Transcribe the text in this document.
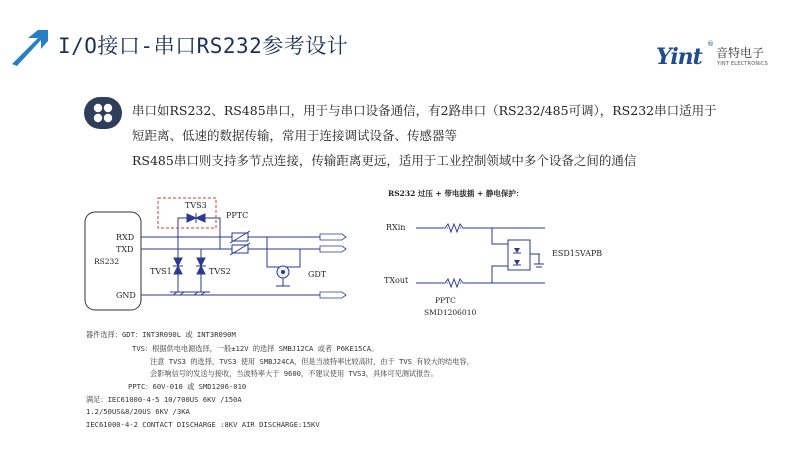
I/O接口-串口RS232参考设计	Yint ®
音特电子
YINT ELECTRONICS
串口如RS232、RS485串口，用于与串口设备通信，有2路串口（RS232/485可调），RS232串口适用于
短距离、低速的数据传输，常用于连接调试设备、传感器等
RS485串口则支持多节点连接，传输距离更远，适用于工业控制领域中多个设备之间的通信
RXD
TXD
RS232
GND
TVS3
PPTC
TVS1	TVS2	GDT
RS232 过压 + 带电拔插 + 静电保护：
RXin
TXout
ESD15VAPB
PPTC
SMD1206010
器件选择：GDT：INT3R090L 或 INT3R090M
TVS：根据供电电源选择，一般±12V 的选择 SMBJ12CA 或者 P6KE15CA。
注意 TVS3 的选择，TVS3 使用 SMBJ24CA，但是当波特率比较高时，由于 TVS 有较大的结电容，
会影响信号的发送与接收，当波特率大于 9600，不建议使用 TVS3，具体可见测试报告。
PPTC：60V-010 或 SMD1206-010
满足：IEC61000-4-5 10/700US 6KV /150A
1.2/50US&8/20US 6KV /3KA
IEC61000-4-2 CONTACT DISCHARGE :8KV AIR DISCHARGE:15KV
